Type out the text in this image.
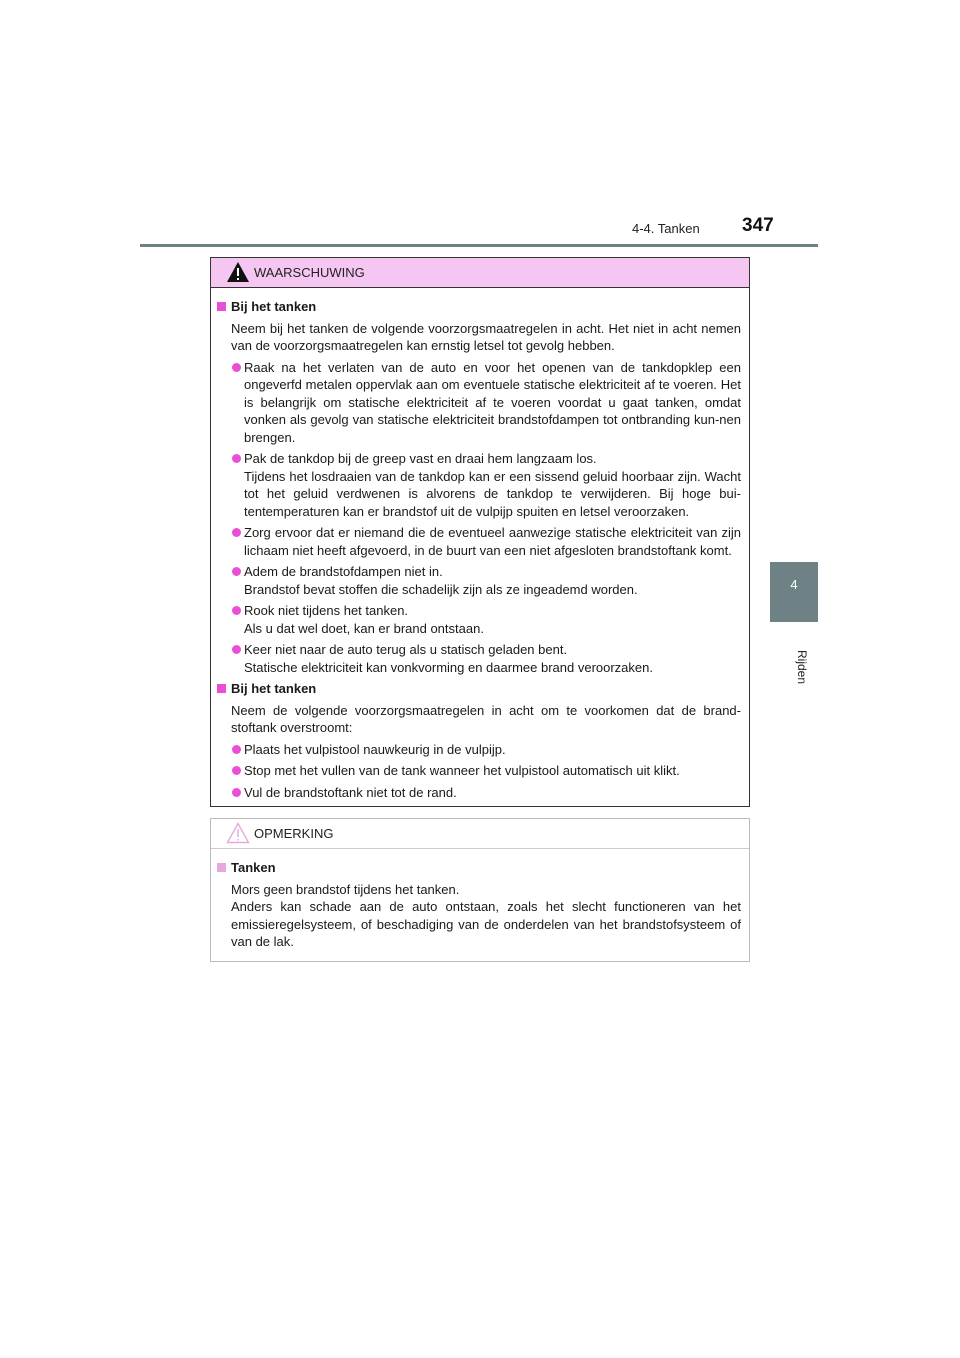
4-4. Tanken 347
4
Rijden
WAARSCHUWING
Bij het tanken
Neem bij het tanken de volgende voorzorgsmaatregelen in acht. Het niet in acht nemen van de voorzorgsmaatregelen kan ernstig letsel tot gevolg hebben.
Raak na het verlaten van de auto en voor het openen van de tankdopklep een ongeverfd metalen oppervlak aan om eventuele statische elektriciteit af te voeren. Het is belangrijk om statische elektriciteit af te voeren voordat u gaat tanken, omdat vonken als gevolg van statische elektriciteit brandstofdampen tot ontbranding kun-nen brengen.
Pak de tankdop bij de greep vast en draai hem langzaam los.
Tijdens het losdraaien van de tankdop kan er een sissend geluid hoorbaar zijn. Wacht tot het geluid verdwenen is alvorens de tankdop te verwijderen. Bij hoge bui-tentemperaturen kan er brandstof uit de vulpijp spuiten en letsel veroorzaken.
Zorg ervoor dat er niemand die de eventueel aanwezige statische elektriciteit van zijn lichaam niet heeft afgevoerd, in de buurt van een niet afgesloten brandstoftank komt.
Adem de brandstofdampen niet in.
Brandstof bevat stoffen die schadelijk zijn als ze ingeademd worden.
Rook niet tijdens het tanken.
Als u dat wel doet, kan er brand ontstaan.
Keer niet naar de auto terug als u statisch geladen bent.
Statische elektriciteit kan vonkvorming en daarmee brand veroorzaken.
Bij het tanken
Neem de volgende voorzorgsmaatregelen in acht om te voorkomen dat de brand-stoftank overstroomt:
Plaats het vulpistool nauwkeurig in de vulpijp.
Stop met het vullen van de tank wanneer het vulpistool automatisch uit klikt.
Vul de brandstoftank niet tot de rand.
OPMERKING
Tanken
Mors geen brandstof tijdens het tanken.
Anders kan schade aan de auto ontstaan, zoals het slecht functioneren van het emissieregelsysteem, of beschadiging van de onderdelen van het brandstofsysteem of van de lak.
